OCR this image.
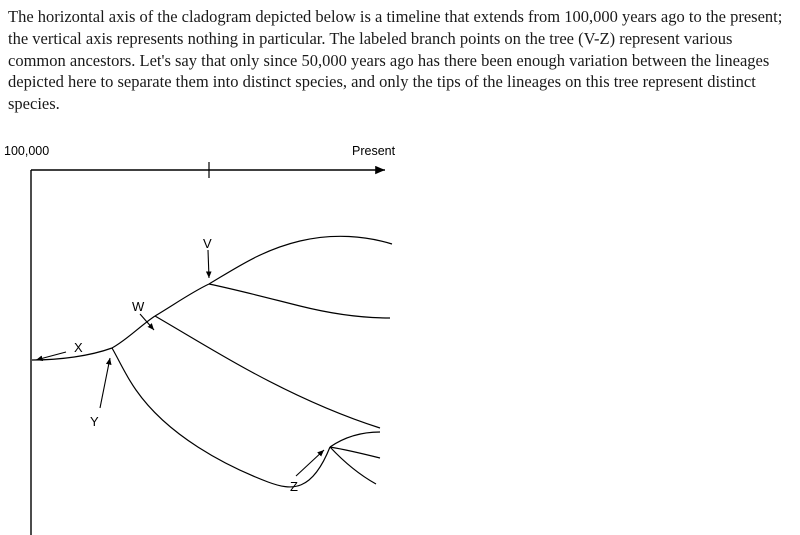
The horizontal axis of the cladogram depicted below is a timeline that extends from 100,000 years ago to the present; the vertical axis represents nothing in particular. The labeled branch points on the tree (V-Z) represent various common ancestors. Let's say that only since 50,000 years ago has there been enough variation between the lineages depicted here to separate them into distinct species, and only the tips of the lineages on this tree represent distinct species.
100,000	Present
V
W
X
Y
Z
